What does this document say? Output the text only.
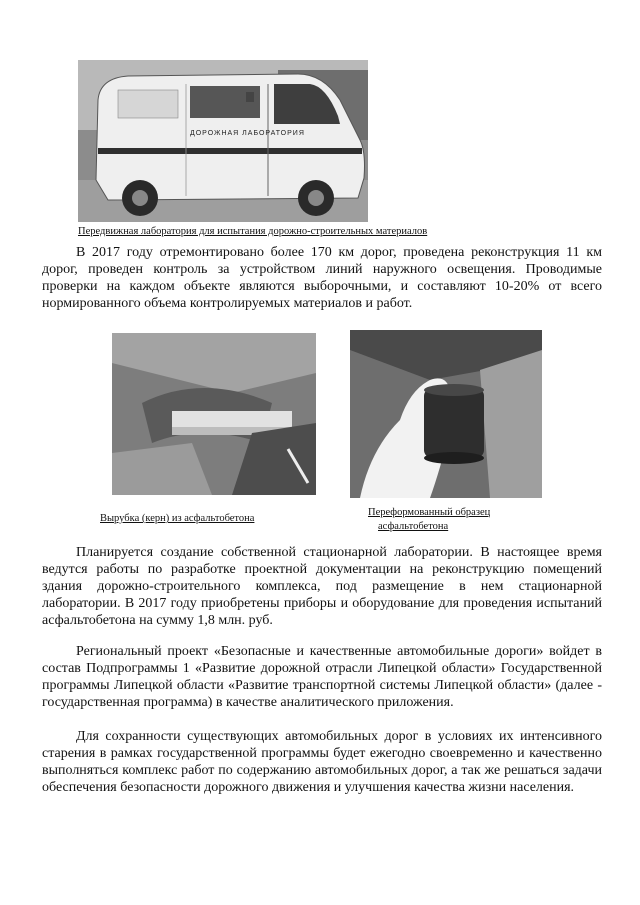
ДОРОЖНАЯ ЛАБОРАТОРИЯ
Передвижная лаборатория для испытания дорожно-строительных материалов

В 2017 году отремонтировано более 170 км дорог, проведена реконструкция 11 км дорог, проведен контроль за устройством линий наружного освещения. Проводимые проверки на каждом объекте являются выборочными, и составляют 10-20% от всего нормированного объема контролируемых материалов и работ.

Вырубка (керн) из асфальтобетона
Переформованный образец
асфальтобетона

Планируется создание собственной стационарной лаборатории. В настоящее время ведутся работы по разработке проектной документации на реконструкцию помещений здания дорожно-строительного комплекса, под размещение в нем стационарной лаборатории. В 2017 году приобретены приборы и оборудование для проведения испытаний асфальтобетона на сумму 1,8 млн. руб.

Региональный проект «Безопасные и качественные автомобильные дороги» войдет в состав Подпрограммы 1 «Развитие дорожной отрасли Липецкой области» Государственной программы Липецкой области «Развитие транспортной системы Липецкой области» (далее - государственная программа) в качестве аналитического приложения.

Для сохранности существующих автомобильных дорог в условиях их интенсивного старения в рамках государственной программы будет ежегодно своевременно и качественно выполняться комплекс работ по содержанию автомобильных дорог, а так же решаться задачи обеспечения безопасности дорожного движения и улучшения качества жизни населения.
